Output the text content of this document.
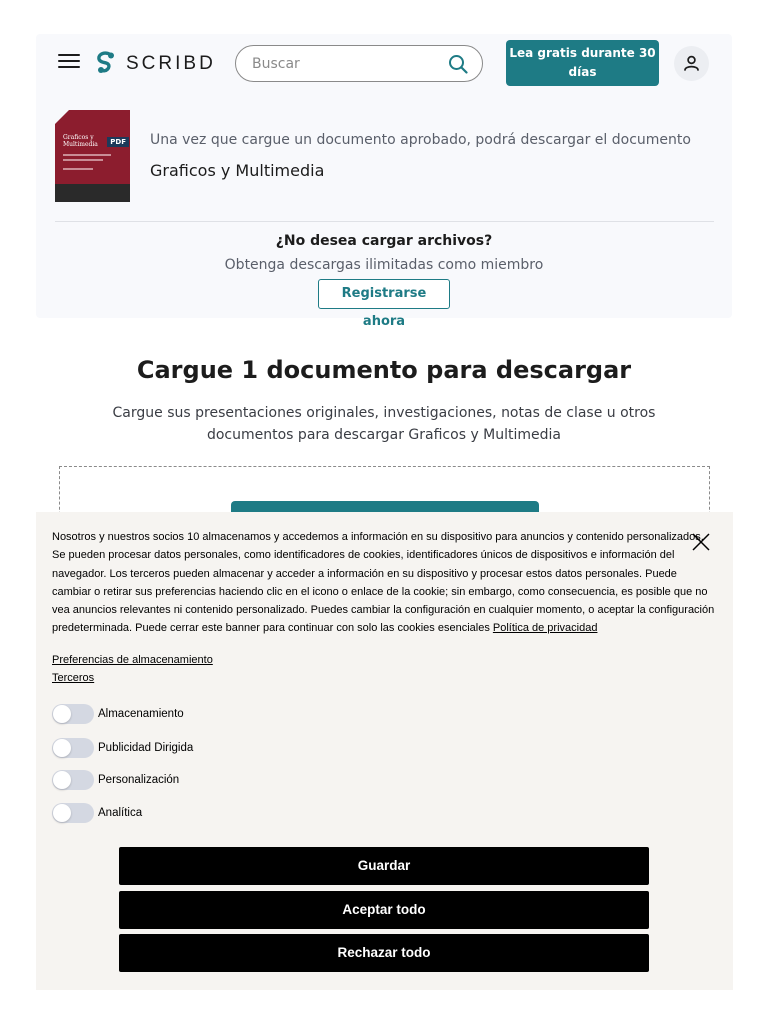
SCRIBD
Buscar	Lea gratis durante 30 días
Graficos y Multimedia	PDF Una vez que cargue un documento aprobado, podrá descargar el documento
Graficos y Multimedia
¿No desea cargar archivos?
Obtenga descargas ilimitadas como miembro
Registrarse ahora
Cargue 1 documento para descargar
Cargue sus presentaciones originales, investigaciones, notas de clase u otros documentos para descargar Graficos y Multimedia
Nosotros y nuestros socios 10 almacenamos y accedemos a información en su dispositivo para anuncios y contenido personalizados. Se pueden procesar datos personales, como identificadores de cookies, identificadores únicos de dispositivos e información del navegador. Los terceros pueden almacenar y acceder a información en su dispositivo y procesar estos datos personales. Puede cambiar o retirar sus preferencias haciendo clic en el icono o enlace de la cookie; sin embargo, como consecuencia, es posible que no vea anuncios relevantes ni contenido personalizado. Puedes cambiar la configuración en cualquier momento, o aceptar la configuración predeterminada. Puede cerrar este banner para continuar con solo las cookies esenciales Política de privacidad
Preferencias de almacenamiento
Terceros
Almacenamiento
Publicidad Dirigida
Personalización
Analítica
Guardar
Aceptar todo
Rechazar todo
